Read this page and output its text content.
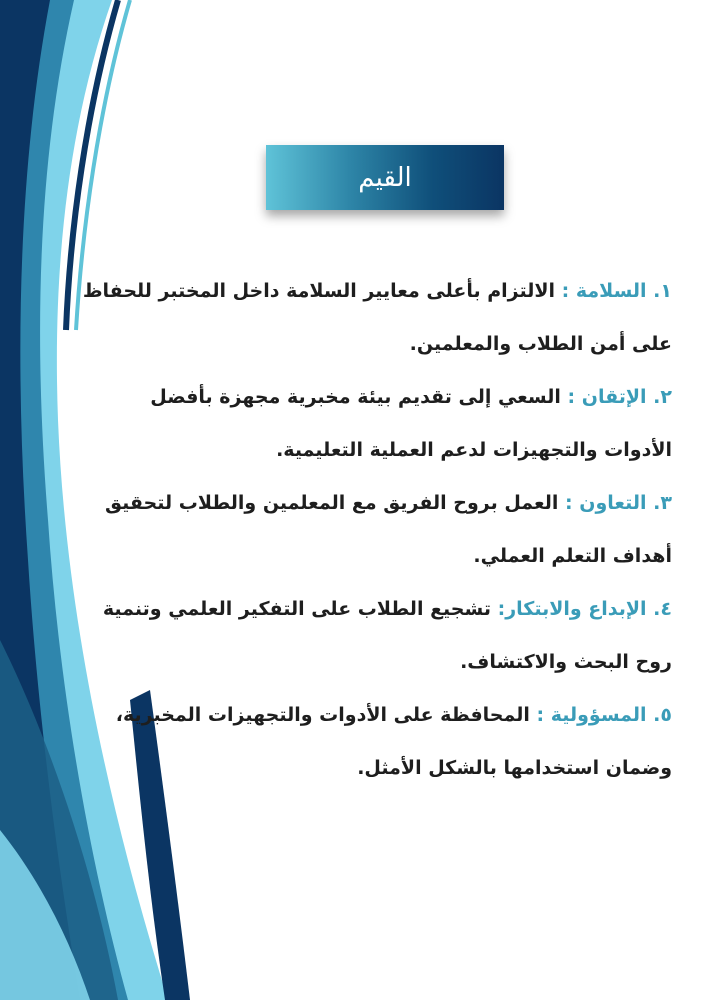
القيم
١. السلامة : الالتزام بأعلى معايير السلامة داخل المختبر للحفاظ
على أمن الطلاب والمعلمين.
٢. الإتقان : السعي إلى تقديم بيئة مخبرية مجهزة بأفضل
الأدوات والتجهيزات لدعم العملية التعليمية.
٣. التعاون : العمل بروح الفريق مع المعلمين والطلاب لتحقيق
أهداف التعلم العملي.
٤. الإبداع والابتكار: تشجيع الطلاب على التفكير العلمي وتنمية
روح البحث والاكتشاف.
٥. المسؤولية : المحافظة على الأدوات والتجهيزات المخبرية،
وضمان استخدامها بالشكل الأمثل.
